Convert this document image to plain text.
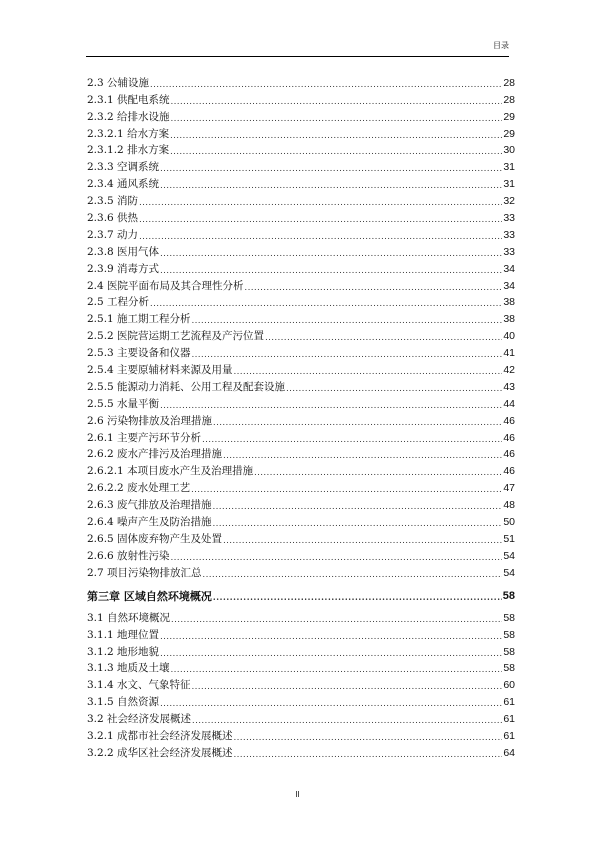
目录
2.3 公辅设施 .....	28
2.3.1 供配电系统 .....	28
2.3.2 给排水设施 .....	29
2.3.2.1 给水方案 .....	29
2.3.1.2 排水方案 .....	30
2.3.3 空调系统 .....	31
2.3.4 通风系统 .....	31
2.3.5 消防 .....	32
2.3.6 供热 .....	33
2.3.7 动力 .....	33
2.3.8 医用气体 .....	33
2.3.9 消毒方式 .....	34
2.4 医院平面布局及其合理性分析 .....	34
2.5 工程分析 .....	38
2.5.1 施工期工程分析 .....	38
2.5.2 医院营运期工艺流程及产污位置 .....	40
2.5.3 主要设备和仪器 .....	41
2.5.4 主要原辅材料来源及用量 .....	42
2.5.5 能源动力消耗、公用工程及配套设施 .....	43
2.5.5 水量平衡 .....	44
2.6 污染物排放及治理措施 .....	46
2.6.1 主要产污环节分析 .....	46
2.6.2 废水产排污及治理措施 .....	46
2.6.2.1 本项目废水产生及治理措施 .....	46
2.6.2.2 废水处理工艺 .....	47
2.6.3 废气排放及治理措施 .....	48
2.6.4 噪声产生及防治措施 .....	50
2.6.5 固体废弃物产生及处置 .....	51
2.6.6 放射性污染 .....	54
2.7 项目污染物排放汇总 .....	54
第三章 区域自然环境概况 .....	58
3.1 自然环境概况 .....	58
3.1.1 地理位置 .....	58
3.1.2 地形地貌 .....	58
3.1.3 地质及土壤 .....	58
3.1.4 水文、气象特征 .....	60
3.1.5 自然资源 .....	61
3.2 社会经济发展概述 .....	61
3.2.1 成都市社会经济发展概述 .....	61
3.2.2 成华区社会经济发展概述 .....	64
II
